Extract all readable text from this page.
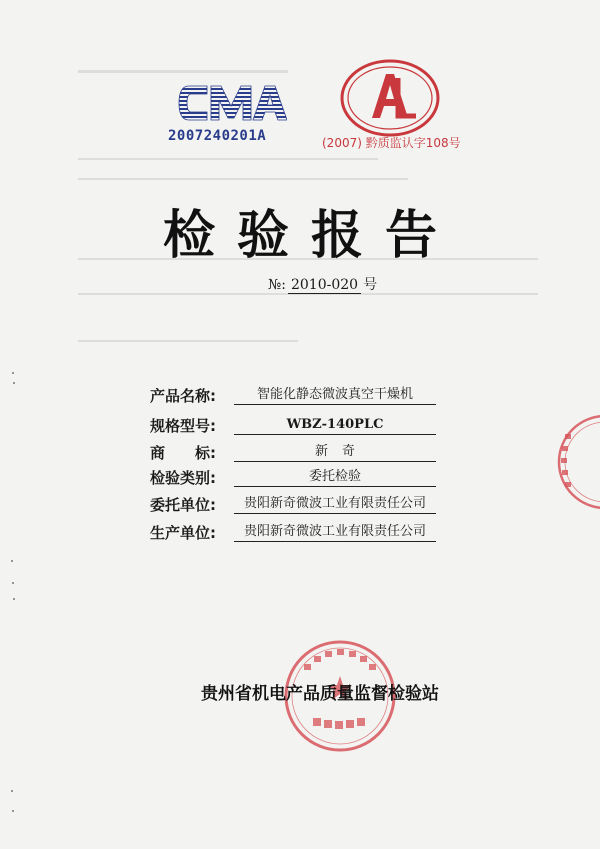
2007240201A	(2007) 黔质监认字108号
检验报告
№: 2010-020 号
产品名称:	智能化静态微波真空干燥机
规格型号:	WBZ-140PLC
商　　标:	新奇
检验类别:	委托检验
委托单位:	贵阳新奇微波工业有限责任公司
生产单位:	贵阳新奇微波工业有限责任公司
贵州省机电产品质量监督检验站
